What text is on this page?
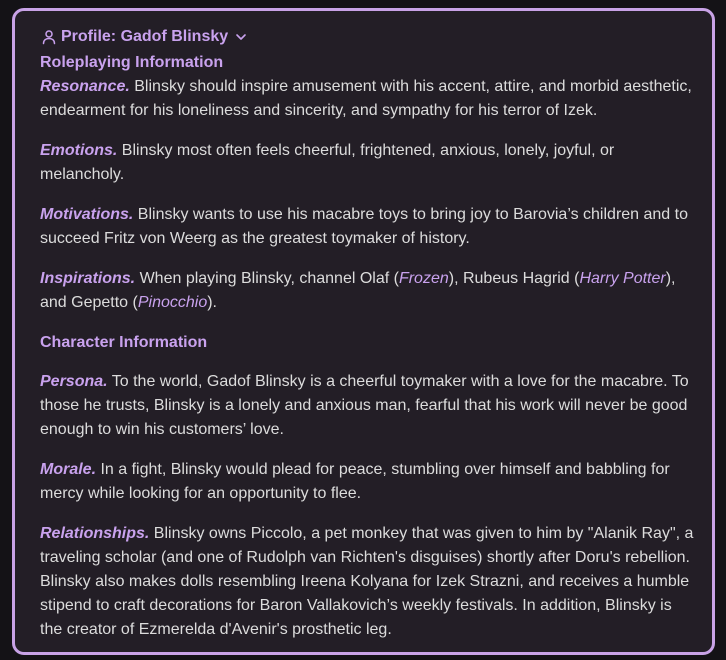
Profile: Gadof Blinsky
Roleplaying Information

Resonance. Blinsky should inspire amusement with his accent, attire, and morbid aesthetic, endearment for his loneliness and sincerity, and sympathy for his terror of Izek.

Emotions. Blinsky most often feels cheerful, frightened, anxious, lonely, joyful, or melancholy.

Motivations. Blinsky wants to use his macabre toys to bring joy to Barovia’s children and to succeed Fritz von Weerg as the greatest toymaker of history.

Inspirations. When playing Blinsky, channel Olaf (Frozen), Rubeus Hagrid (Harry Potter), and Gepetto (Pinocchio).

Character Information

Persona. To the world, Gadof Blinsky is a cheerful toymaker with a love for the macabre. To those he trusts, Blinsky is a lonely and anxious man, fearful that his work will never be good enough to win his customers’ love.

Morale. In a fight, Blinsky would plead for peace, stumbling over himself and babbling for mercy while looking for an opportunity to flee.

Relationships. Blinsky owns Piccolo, a pet monkey that was given to him by "Alanik Ray", a traveling scholar (and one of Rudolph van Richten's disguises) shortly after Doru's rebellion. Blinsky also makes dolls resembling Ireena Kolyana for Izek Strazni, and receives a humble stipend to craft decorations for Baron Vallakovich’s weekly festivals. In addition, Blinsky is the creator of Ezmerelda d'Avenir's prosthetic leg.
